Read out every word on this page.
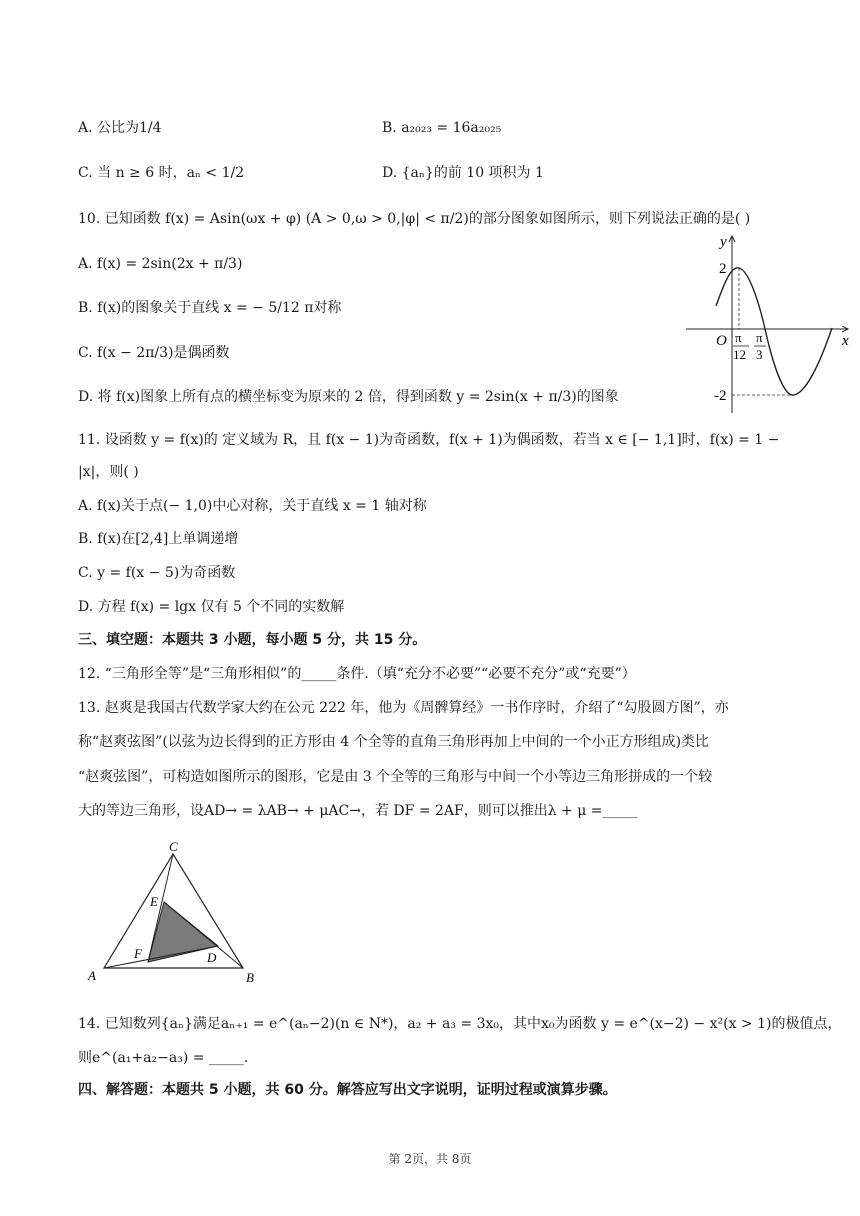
A. 公比为1/4	B. a₂₀₂₃ = 16a₂₀₂₅
C. 当 n ≥ 6 时，aₙ < 1/2	D. {aₙ}的前 10 项积为 1
10. 已知函数 f(x) = Asin(ωx + φ) (A > 0,ω > 0,|φ| < π/2)的部分图象如图所示，则下列说法正确的是( )
A. f(x) = 2sin(2x + π/3)
B. f(x)的图象关于直线 x = − 5/12 π对称
C. f(x − 2π/3)是偶函数
D. 将 f(x)图象上所有点的横坐标变为原来的 2 倍，得到函数 y = 2sin(x + π/3)的图象
y
x
O
2
-2
π
12
π
3
11. 设函数 y = f(x)的 定义域为 R，且 f(x − 1)为奇函数，f(x + 1)为偶函数，若当 x ∈ [− 1,1]时，f(x) = 1 −
|x|，则( )
A. f(x)关于点(− 1,0)中心对称，关于直线 x = 1 轴对称
B. f(x)在[2,4]上单调递增
C. y = f(x − 5)为奇函数
D. 方程 f(x) = lgx 仅有 5 个不同的实数解
三、填空题：本题共 3 小题，每小题 5 分，共 15 分。
12. “三角形全等”是“三角形相似”的_____条件.（填“充分不必要”“必要不充分”或“充要”）
13. 赵爽是我国古代数学家大约在公元 222 年，他为《周髀算经》一书作序时，介绍了“勾股圆方图”，亦
称“赵爽弦图”(以弦为边长得到的正方形由 4 个全等的直角三角形再加上中间的一个小正方形组成)类比
“赵爽弦图”，可构造如图所示的图形，它是由 3 个全等的三角形与中间一个小等边三角形拼成的一个较
大的等边三角形，设AD→ = λAB→ + μAC→，若 DF = 2AF，则可以推出λ + μ =_____
A	B
C
D
E
F
14. 已知数列{aₙ}满足aₙ₊₁ = e^(aₙ−2)(n ∈ N*)，a₂ + a₃ = 3x₀，其中x₀为函数 y = e^(x−2) − x²(x > 1)的极值点，
则e^(a₁+a₂−a₃) = _____.
四、解答题：本题共 5 小题，共 60 分。解答应写出文字说明，证明过程或演算步骤。
第 2页，共 8页
